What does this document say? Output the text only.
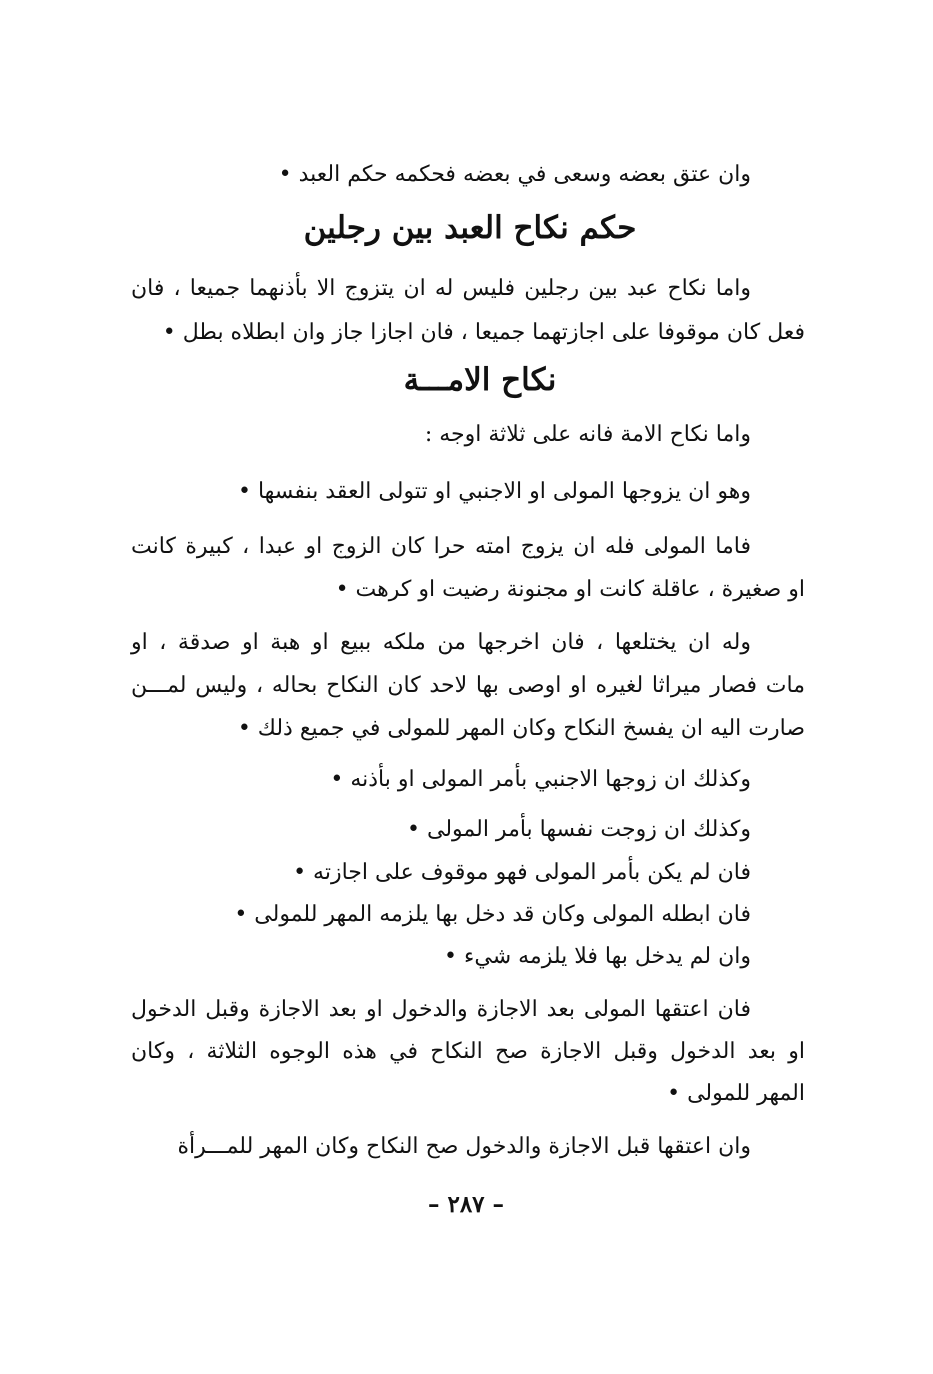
وان عتق بعضه وسعى في بعضه فحكمه حكم العبد •
حكم نكاح العبد بين رجلين
واما نكاح عبد بين رجلين فليس له ان يتزوج الا بأذنهما جميعا ، فان
فعل كان موقوفا على اجازتهما جميعا ، فان اجازا جاز وان ابطلاه بطل •
نكاح الامـــة
واما نكاح الامة فانه على ثلاثة اوجه :
وهو ان يزوجها المولى او الاجنبي او تتولى العقد بنفسها •
فاما المولى فله ان يزوج امته حرا كان الزوج او عبدا ، كبيرة كانت
او صغيرة ، عاقلة كانت او مجنونة رضيت او كرهت •
وله ان يختلعها ، فان اخرجها من ملكه ببيع او هبة او صدقة ، او
مات فصار ميراثا لغيره او اوصى بها لاحد كان النكاح بحاله ، وليس لمـــن
صارت اليه ان يفسخ النكاح وكان المهر للمولى في جميع ذلك •
وكذلك ان زوجها الاجنبي بأمر المولى او بأذنه •
وكذلك ان زوجت نفسها بأمر المولى •
فان لم يكن بأمر المولى فهو موقوف على اجازته •
فان ابطله المولى وكان قد دخل بها يلزمه المهر للمولى •
وان لم يدخل بها فلا يلزمه شيء •
فان اعتقها المولى بعد الاجازة والدخول او بعد الاجازة وقبل الدخول
او بعد الدخول وقبل الاجازة صح النكاح في هذه الوجوه الثلاثة ، وكان
المهر للمولى •
وان اعتقها قبل الاجازة والدخول صح النكاح وكان المهر للمـــرأة
– ٢٨٧ –
